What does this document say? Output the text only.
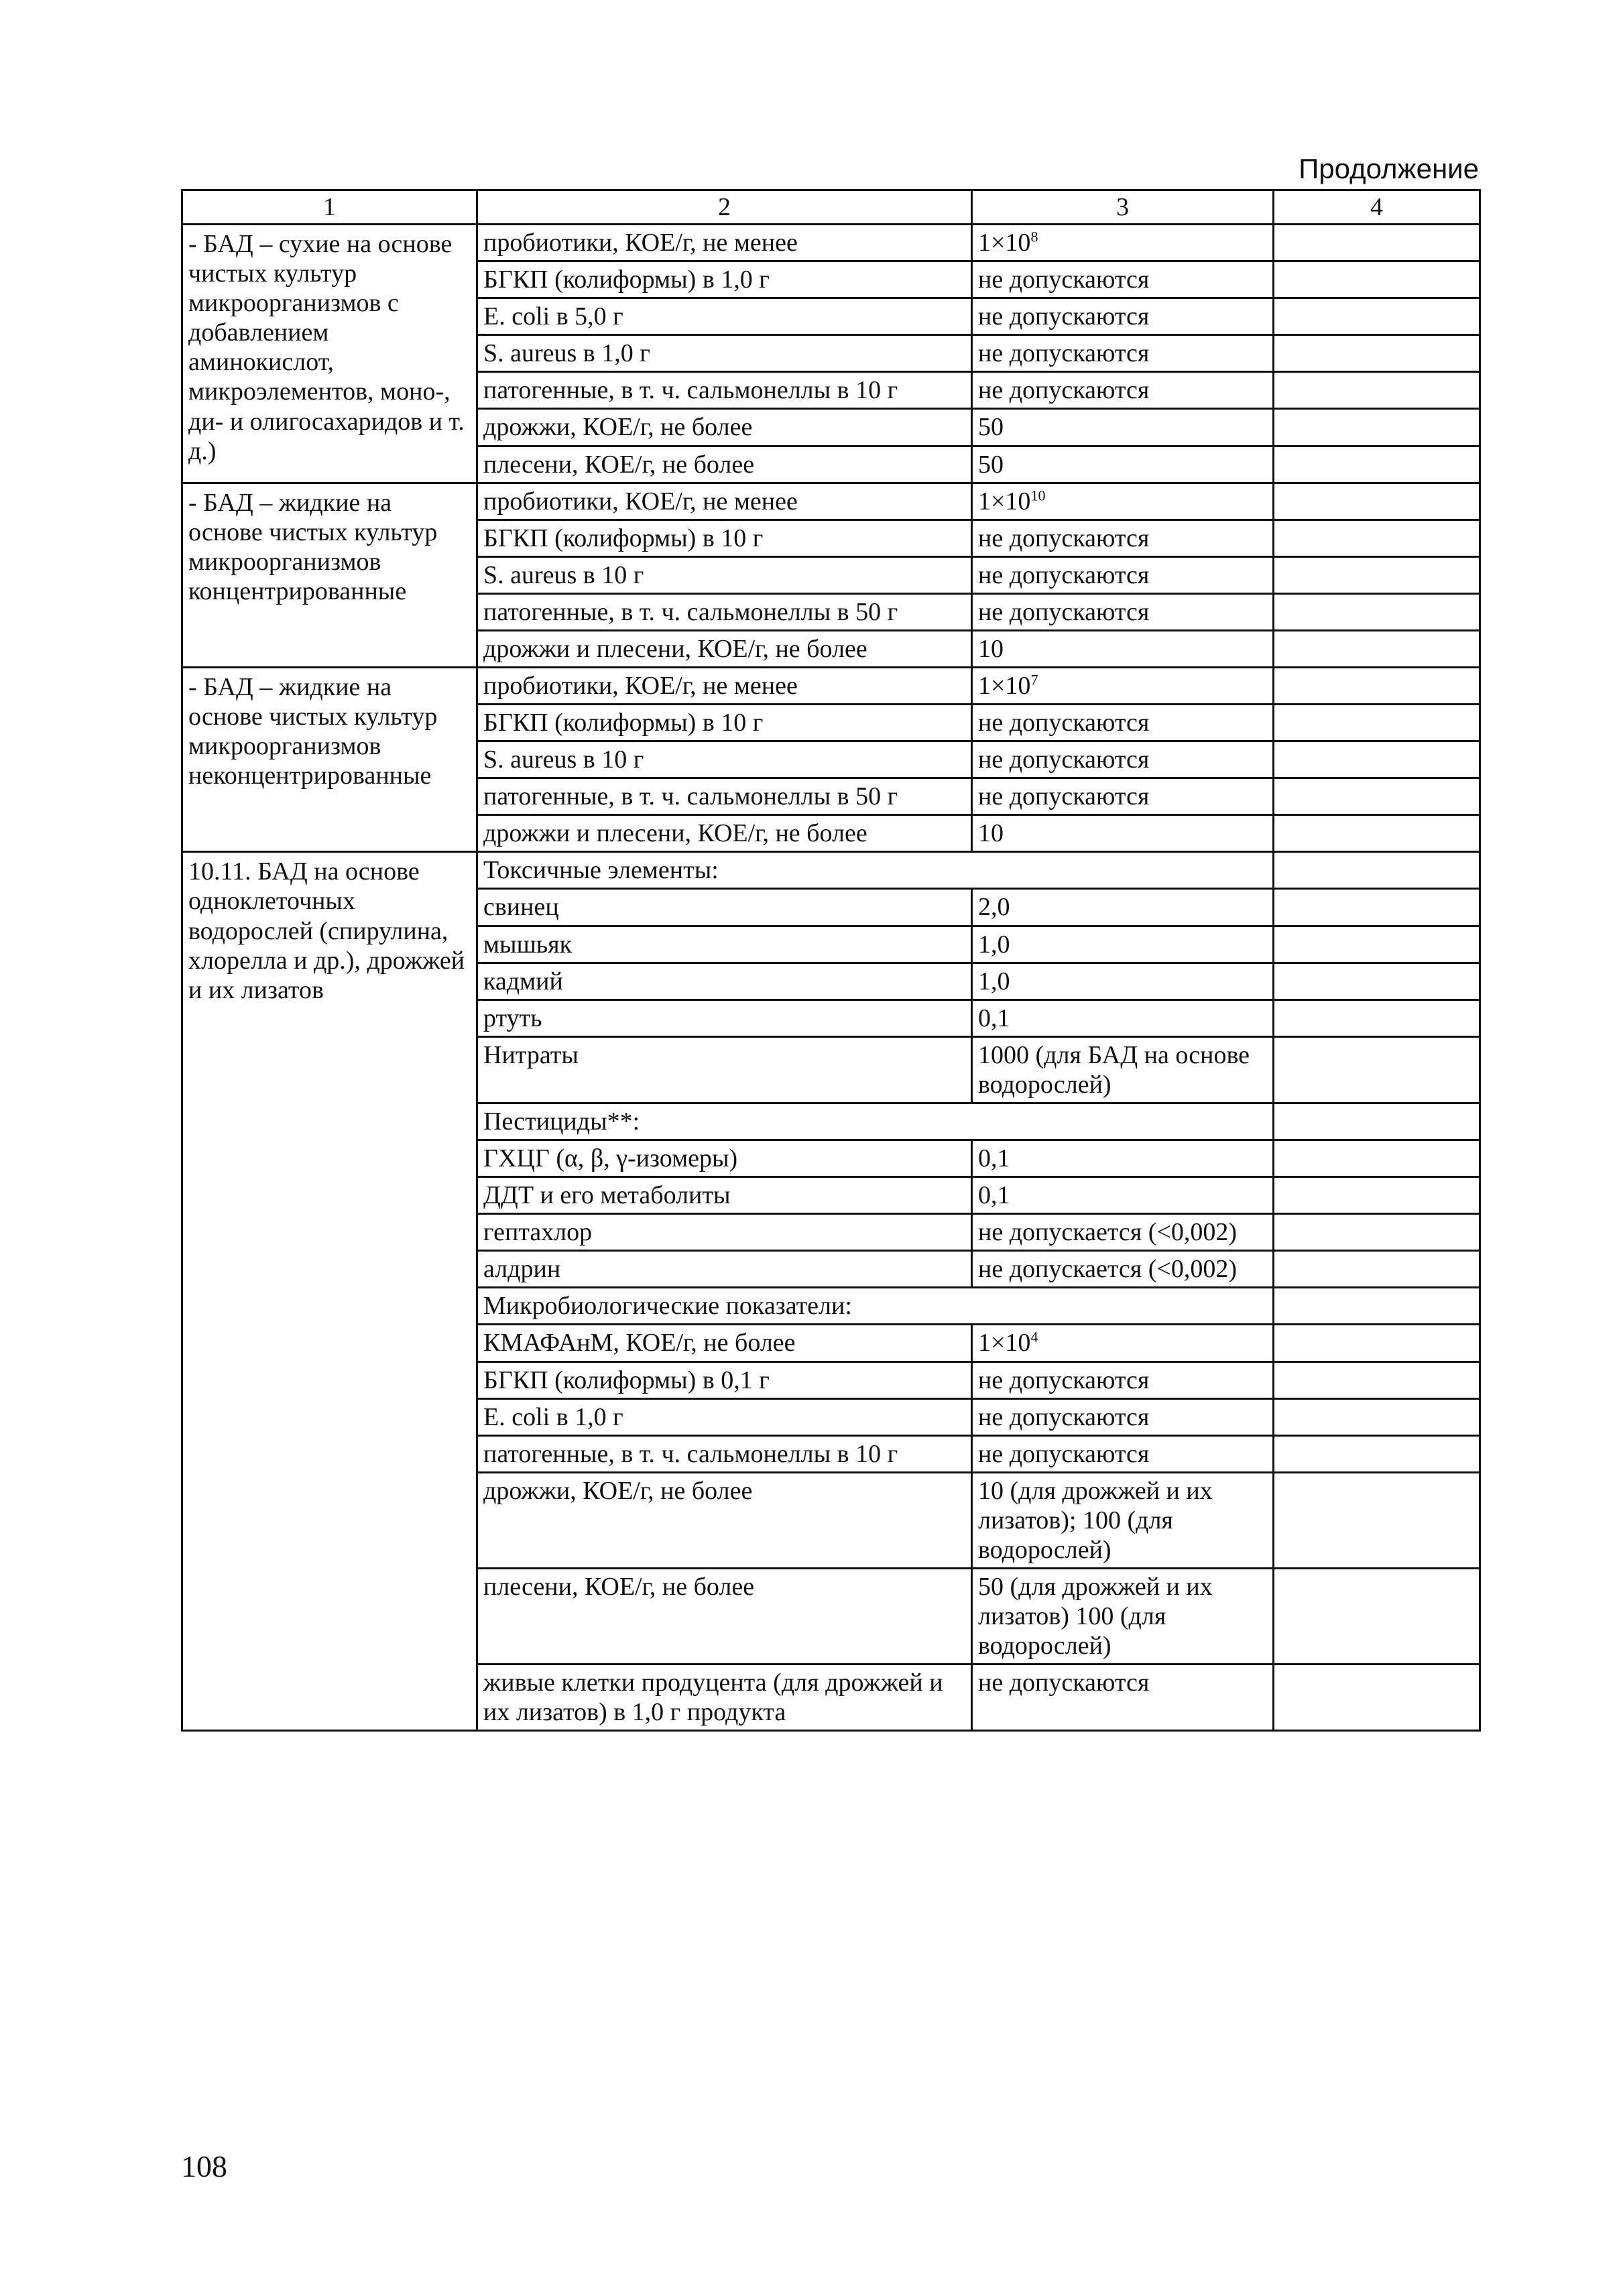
Продолжение
1	2	3	4
- БАД – сухие на основе чистых культур микроорганизмов с добавлением аминокислот, микроэлементов, моно-, ди- и олигосахаридов и т. д.)	пробиотики, КОЕ/г, не менее	$1\times 10^8$	
	БГКП (колиформы) в 1,0 г	не допускаются	
	E. coli в 5,0 г	не допускаются	
	S. aureus в 1,0 г	не допускаются	
	патогенные, в т. ч. сальмонеллы в 10 г	не допускаются	
	дрожжи, КОЕ/г, не более	50	
	плесени, КОЕ/г, не более	50	
- БАД – жидкие на основе чистых культур микроорганизмов концентрированные	пробиотики, КОЕ/г, не менее	$1\times 10^{10}$	
	БГКП (колиформы) в 10 г	не допускаются	
	S. aureus в 10 г	не допускаются	
	патогенные, в т. ч. сальмонеллы в 50 г	не допускаются	
	дрожжи и плесени, КОЕ/г, не более	10	
- БАД – жидкие на основе чистых культур микроорганизмов неконцентрированные	пробиотики, КОЕ/г, не менее	$1\times 10^7$	
	БГКП (колиформы) в 10 г	не допускаются	
	S. aureus в 10 г	не допускаются	
	патогенные, в т. ч. сальмонеллы в 50 г	не допускаются	
	дрожжи и плесени, КОЕ/г, не более	10	
10.11. БАД на основе одноклеточных водорослей (спирулина, хлорелла и др.), дрожжей и их лизатов	Токсичные элементы:		
	свинец	2,0	
	мышьяк	1,0	
	кадмий	1,0	
	ртуть	0,1	
	Нитраты	1000 (для БАД на основе водорослей)	
	Пестициды**:		
	ГХЦГ (α, β, γ-изомеры)	0,1	
	ДДТ и его метаболиты	0,1	
	гептахлор	не допускается (<0,002)	
	алдрин	не допускается (<0,002)	
	Микробиологические показатели:		
	КМАФАнМ, КОЕ/г, не более	$1\times 10^4$	
	БГКП (колиформы) в 0,1 г	не допускаются	
	E. coli в 1,0 г	не допускаются	
	патогенные, в т. ч. сальмонеллы в 10 г	не допускаются	
	дрожжи, КОЕ/г, не более	10 (для дрожжей и их лизатов); 100 (для водорослей)	
	плесени, КОЕ/г, не более	50 (для дрожжей и их лизатов) 100 (для водорослей)	
	живые клетки продуцента (для дрожжей и их лизатов) в 1,0 г продукта	не допускаются	
108
